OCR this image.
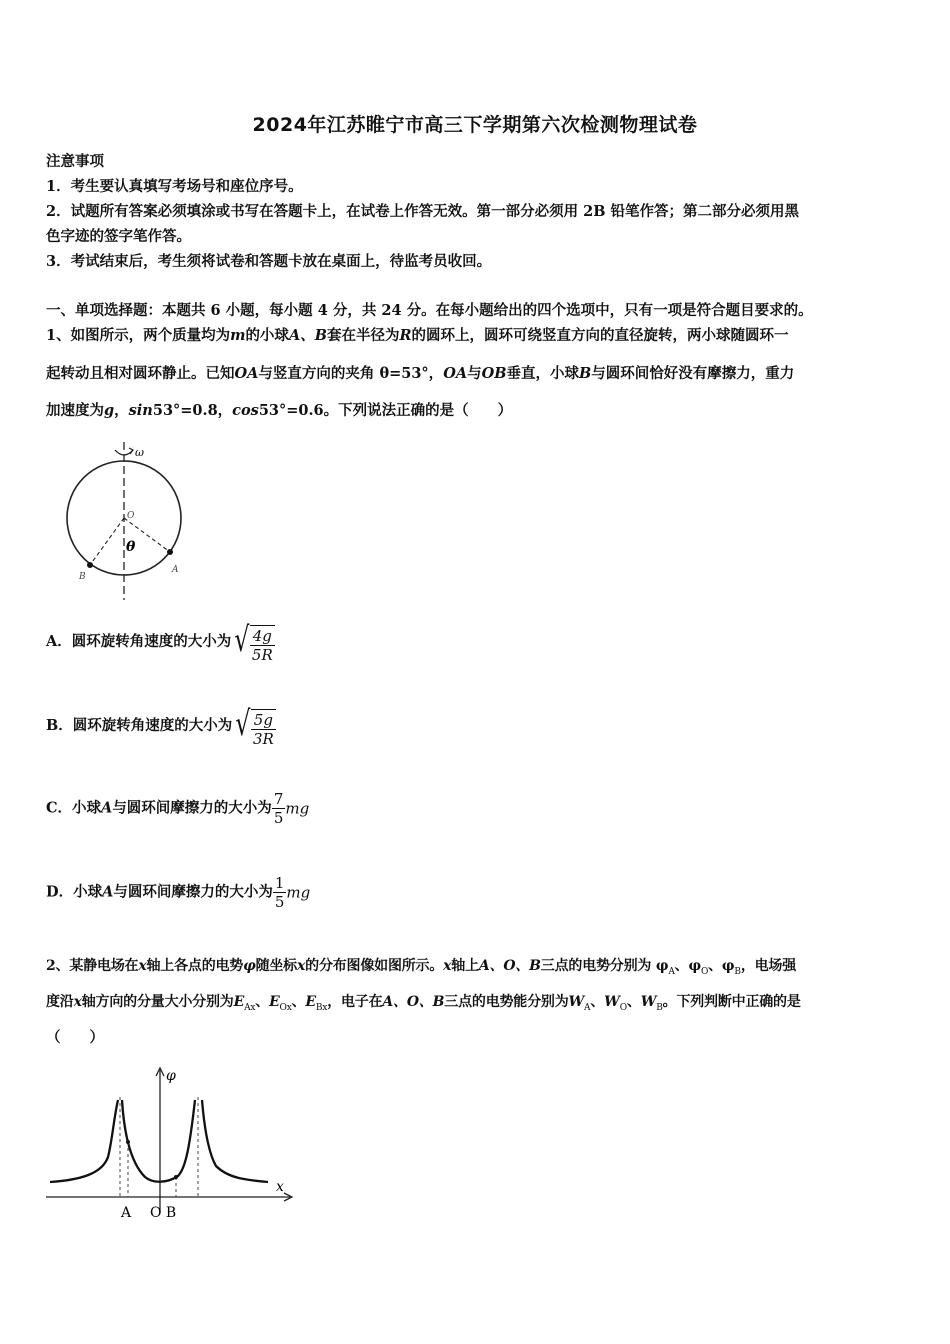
2024年江苏睢宁市高三下学期第六次检测物理试卷
注意事项
1．考生要认真填写考场号和座位序号。
2．试题所有答案必须填涂或书写在答题卡上，在试卷上作答无效。第一部分必须用 2B 铅笔作答；第二部分必须用黑
色字迹的签字笔作答。
3．考试结束后，考生须将试卷和答题卡放在桌面上，待监考员收回。
一、单项选择题：本题共 6 小题，每小题 4 分，共 24 分。在每小题给出的四个选项中，只有一项是符合题目要求的。
1、如图所示，两个质量均为m的小球A、B套在半径为R的圆环上，圆环可绕竖直方向的直径旋转，两小球随圆环一
起转动且相对圆环静止。已知OA与竖直方向的夹角 θ=53°，OA与OB垂直，小球B与圆环间恰好没有摩擦力，重力
加速度为g，sin53°=0.8，cos53°=0.6。下列说法正确的是（　　）
ω
O
θ
A
B
A．圆环旋转角速度的大小为 √ $\frac{4g}{5R}$
B．圆环旋转角速度的大小为 √ $\frac{5g}{3R}$
C．小球A与圆环间摩擦力的大小为 $\frac{7}{5}$ mg
D．小球A与圆环间摩擦力的大小为 $\frac{1}{5}$ mg
2、某静电场在x轴上各点的电势φ随坐标x的分布图像如图所示。x轴上A、O、B三点的电势分别为 $\varphi_A$、$\varphi_O$、$\varphi_B$，电场强
度沿x轴方向的分量大小分别为$E_{Ax}$、$E_{Ox}$、$E_{Bx}$，电子在A、O、B三点的电势能分别为$W_A$、$W_O$、$W_B$。下列判断中正确的是
（　　）
φ
x
A O B
